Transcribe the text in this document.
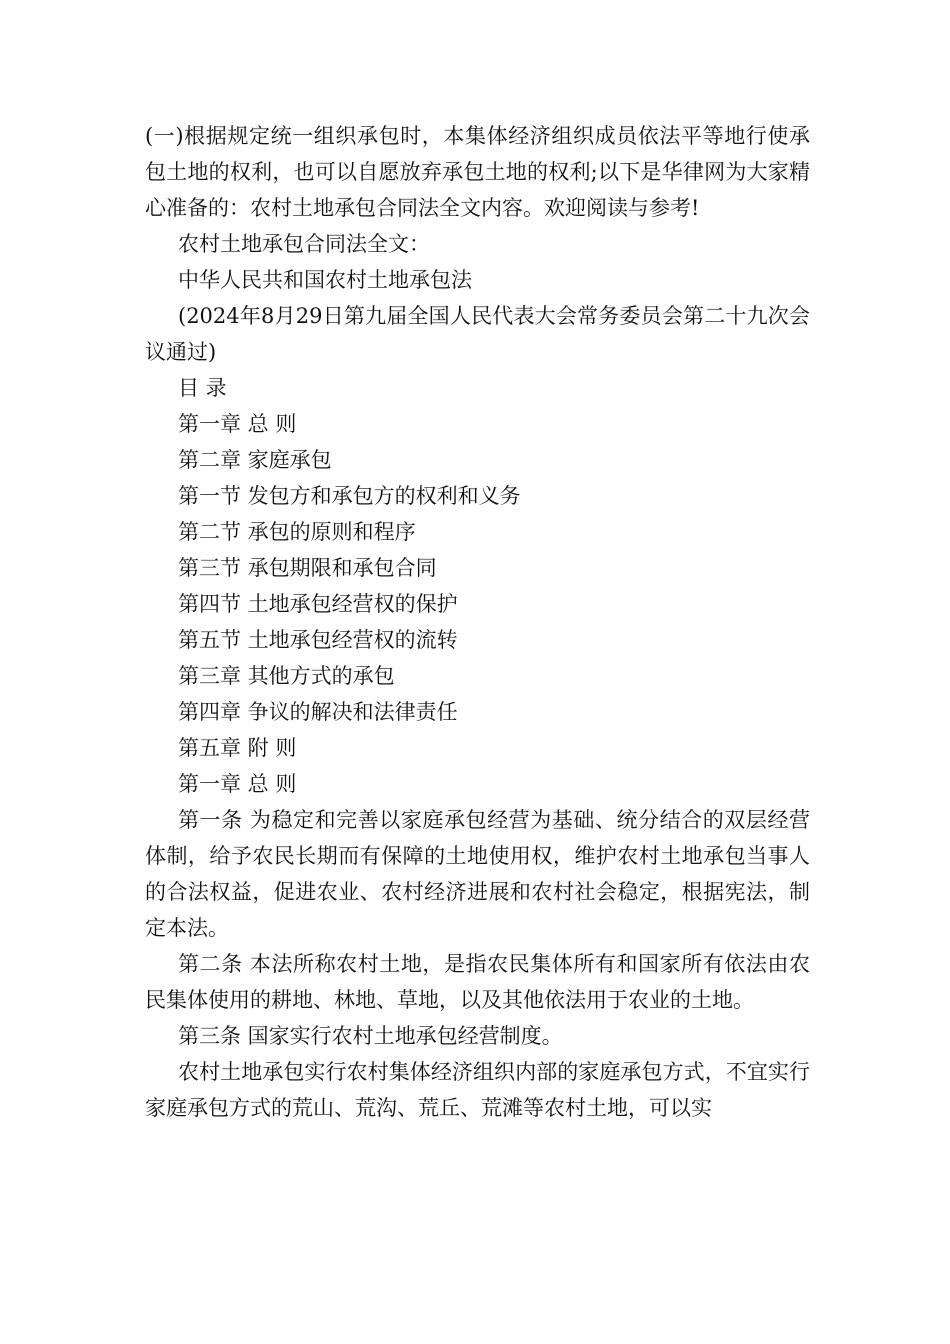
(一)根据规定统一组织承包时，本集体经济组织成员依法平等地行使承包土地的权利，也可以自愿放弃承包土地的权利;以下是华律网为大家精心准备的：农村土地承包合同法全文内容。欢迎阅读与参考!

农村土地承包合同法全文：

中华人民共和国农村土地承包法

(2024年8月29日第九届全国人民代表大会常务委员会第二十九次会议通过)

目 录

第一章 总 则

第二章 家庭承包

第一节 发包方和承包方的权利和义务

第二节 承包的原则和程序

第三节 承包期限和承包合同

第四节 土地承包经营权的保护

第五节 土地承包经营权的流转

第三章 其他方式的承包

第四章 争议的解决和法律责任

第五章 附 则

第一章 总 则

第一条 为稳定和完善以家庭承包经营为基础、统分结合的双层经营体制，给予农民长期而有保障的土地使用权，维护农村土地承包当事人的合法权益，促进农业、农村经济进展和农村社会稳定，根据宪法，制定本法。

第二条 本法所称农村土地，是指农民集体所有和国家所有依法由农民集体使用的耕地、林地、草地，以及其他依法用于农业的土地。

第三条 国家实行农村土地承包经营制度。

农村土地承包实行农村集体经济组织内部的家庭承包方式，不宜实行家庭承包方式的荒山、荒沟、荒丘、荒滩等农村土地，可以实
